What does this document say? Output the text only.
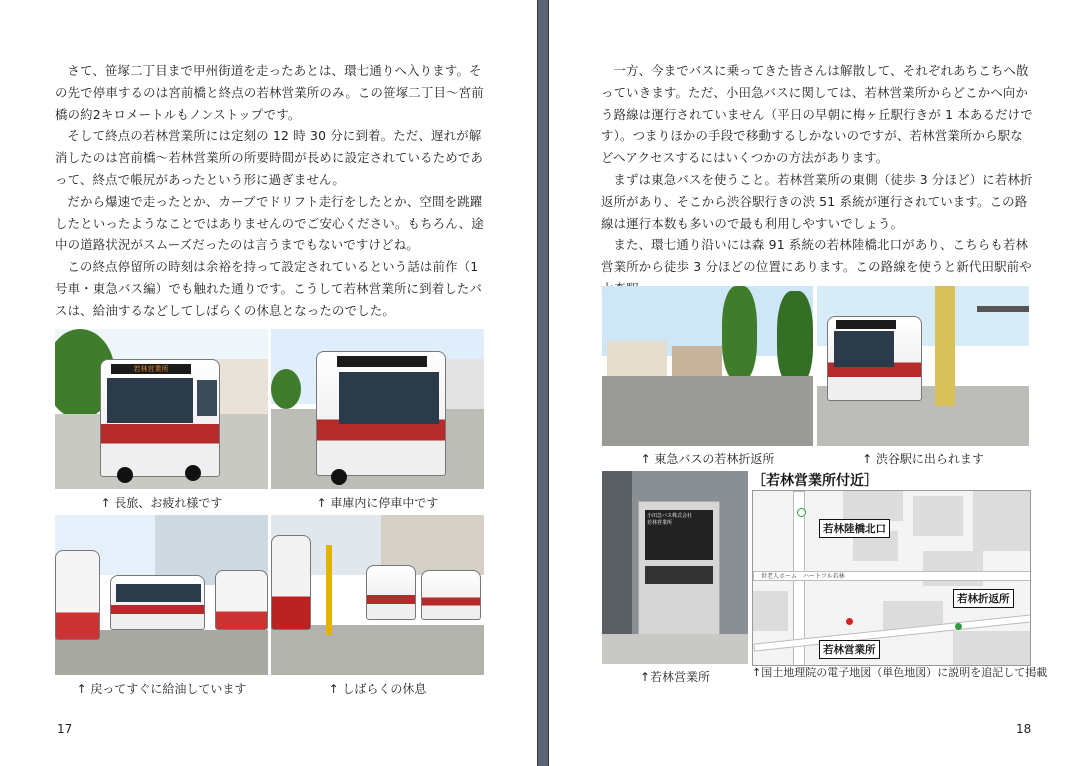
さて、笹塚二丁目まで甲州街道を走ったあとは、環七通りへ入ります。その先で停車するのは宮前橋と終点の若林営業所のみ。この笹塚二丁目〜宮前橋の約2キロメートルもノンストップです。

そして終点の若林営業所には定刻の 12 時 30 分に到着。ただ、遅れが解消したのは宮前橋〜若林営業所の所要時間が長めに設定されているためであって、終点で帳尻があったという形に過ぎません。

だから爆速で走ったとか、カーブでドリフト走行をしたとか、空間を跳躍したといったようなことではありませんのでご安心ください。もちろん、途中の道路状況がスムーズだったのは言うまでもないですけどね。

この終点停留所の時刻は余裕を持って設定されているという話は前作（1号車・東急バス編）でも触れた通りです。こうして若林営業所に到着したバスは、給油するなどしてしばらくの休息となったのでした。

若林営業所
↑ 長旅、お疲れ様です	↑ 車庫内に停車中です
↑ 戻ってすぐに給油しています	↑ しばらくの休息
17

一方、今までバスに乗ってきた皆さんは解散して、それぞれあちこちへ散っていきます。ただ、小田急バスに関しては、若林営業所からどこかへ向かう路線は運行されていません（平日の早朝に梅ヶ丘駅行きが 1 本あるだけです）。つまりほかの手段で移動するしかないのですが、若林営業所から駅などへアクセスするにはいくつかの方法があります。

まずは東急バスを使うこと。若林営業所の東側（徒歩 3 分ほど）に若林折返所があり、そこから渋谷駅行きの渋 51 系統が運行されています。この路線は運行本数も多いので最も利用しやすいでしょう。

また、環七通り沿いには森 91 系統の若林陸橋北口があり、こちらも若林営業所から徒歩 3 分ほどの位置にあります。この路線を使うと新代田駅前や

↑ 東急バスの若林折返所	↑ 渋谷駅に出られます
小田急バス株式会社
若林営業所
↑若林営業所
［若林営業所付近］
世老人ホーム　ハートフル若林
若林陸橋北口
若林折返所
若林営業所
↑国土地理院の電子地図（単色地図）に説明を追記して掲載
18
